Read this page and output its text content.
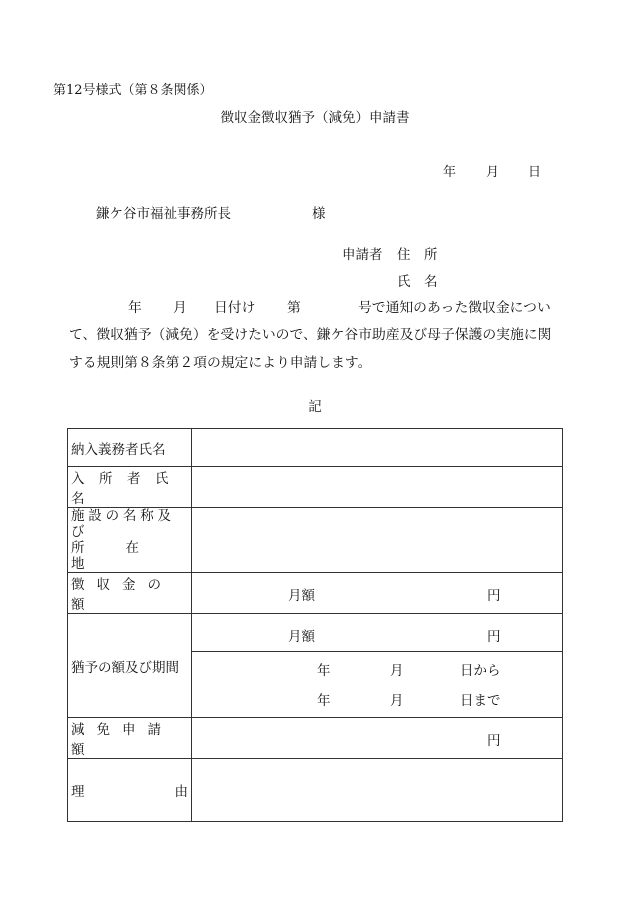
第12号様式（第８条関係）
徴収金徴収猶予（減免）申請書
年 月 日
鎌ケ谷市福祉事務所長	様
申請者 住　所
氏　名
年 月 日付け 第	号で通知のあった徴収金につい
て、徴収猶予（減免）を受けたいので、鎌ケ谷市助産及び母子保護の実施に関
する規則第８条第２項の規定により申請します。
記
納入義務者氏名	

入所者氏名	

施設の名称及び
所在地	

徴収金の額	月額 円

猶予の額及び期間	月額 円

	年 月 日から

	年 月 日まで

減免申請額	円

理 由	
